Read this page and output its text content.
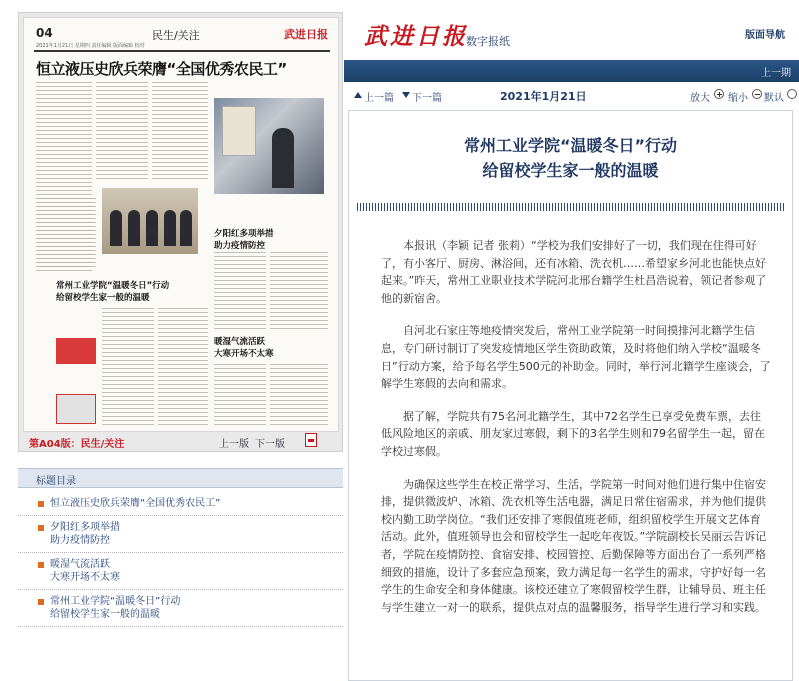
04	民生/关注	武进日报
2021年1月21日 星期四 责任编辑 版面编辑 校对
恒立液压史欣兵荣膺“全国优秀农民工”
常州工业学院“温暖冬日”行动
给留校学生家一般的温暖
夕阳红多项举措
助力疫情防控
暖湿气流活跃
大寒开场不太寒
第A04版：民生/关注	上一版 下一版
标题目录
恒立液压史欣兵荣膺“全国优秀农民工”
夕阳红多项举措
助力疫情防控
暖湿气流活跃
大寒开场不太寒
常州工业学院“温暖冬日”行动
给留校学生家一般的温暖
武进日报
数字报纸	版面导航
上一期
上一篇 下一篇	2021年1月21日	放大 缩小 默认
常州工业学院“温暖冬日”行动
给留校学生家一般的温暖

本报讯（李颖 记者 张莉）“学校为我们安排好了一切，我们现在住得可好了，有小客厅、厨房、淋浴间，还有冰箱、洗衣机……希望家乡河北也能快点好起来。”昨天，常州工业职业技术学院河北邢台籍学生杜昌浩说着，领记者参观了他的新宿舍。

自河北石家庄等地疫情突发后，常州工业学院第一时间摸排河北籍学生信息，专门研讨制订了突发疫情地区学生资助政策，及时将他们纳入学校“温暖冬日”行动方案，给予每名学生500元的补助金。同时，举行河北籍学生座谈会，了解学生寒假的去向和需求。

据了解，学院共有75名河北籍学生，其中72名学生已享受免费车票，去往低风险地区的亲戚、朋友家过寒假，剩下的3名学生则和79名留学生一起，留在学校过寒假。

为确保这些学生在校正常学习、生活，学院第一时间对他们进行集中住宿安排，提供微波炉、冰箱、洗衣机等生活电器，满足日常住宿需求，并为他们提供校内勤工助学岗位。“我们还安排了寒假值班老师，组织留校学生开展文艺体育活动。此外，值班领导也会和留校学生一起吃年夜饭。”学院副校长吴丽云告诉记者，学院在疫情防控、食宿安排、校园管控、后勤保障等方面出台了一系列严格细致的措施，设计了多套应急预案，致力满足每一名学生的需求，守护好每一名学生的生命安全和身体健康。该校还建立了寒假留校学生群，让辅导员、班主任与学生建立一对一的联系，提供点对点的温馨服务，指导学生进行学习和实践。
